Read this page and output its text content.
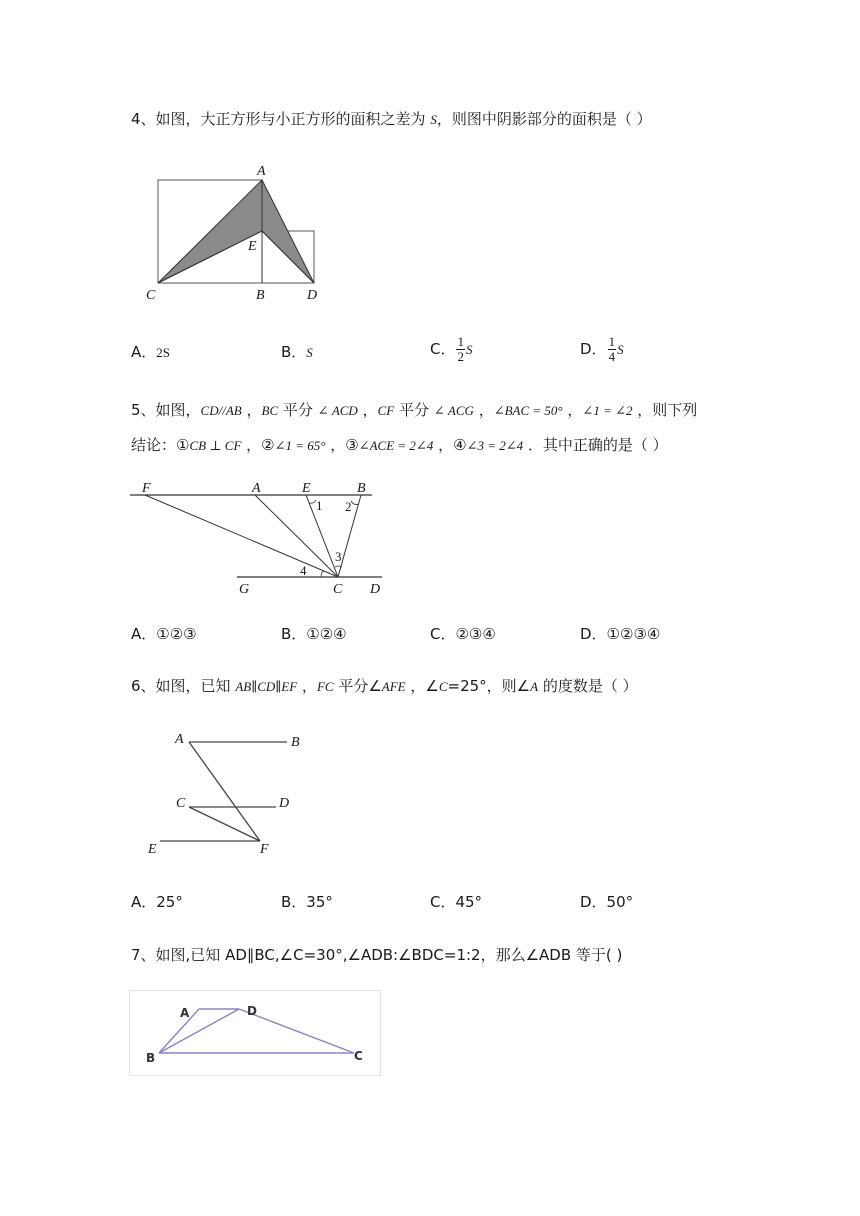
4、如图，大正方形与小正方形的面积之差为 S，则图中阴影部分的面积是（ ）
A
E
C	B	D
A．2S	B．S	C． $\frac{1}{2}$ S	D． $\frac{1}{4}$ S
5、如图，CD//AB ，BC 平分 ∠ ACD ，CF 平分 ∠ ACG ，∠BAC = 50° ，∠1 = ∠2 ，则下列
结论：①CB ⊥ CF ，②∠1 = 65° ，③∠ACE = 2∠4 ，④∠3 = 2∠4 ．其中正确的是（ ）
F	A	E	B
1 2
3
4
G	C D
A．①②③	B．①②④	C．②③④	D．①②③④
6、如图，已知 AB∥CD∥EF ，FC 平分∠AFE ，∠C=25°，则∠A 的度数是（ ）
A	B
C	D
E	F
A．25°	B．35°	C．45°	D．50°
7、如图,已知 AD∥BC,∠C=30°,∠ADB:∠BDC=1:2，那么∠ADB 等于( )
A	D
B	C
